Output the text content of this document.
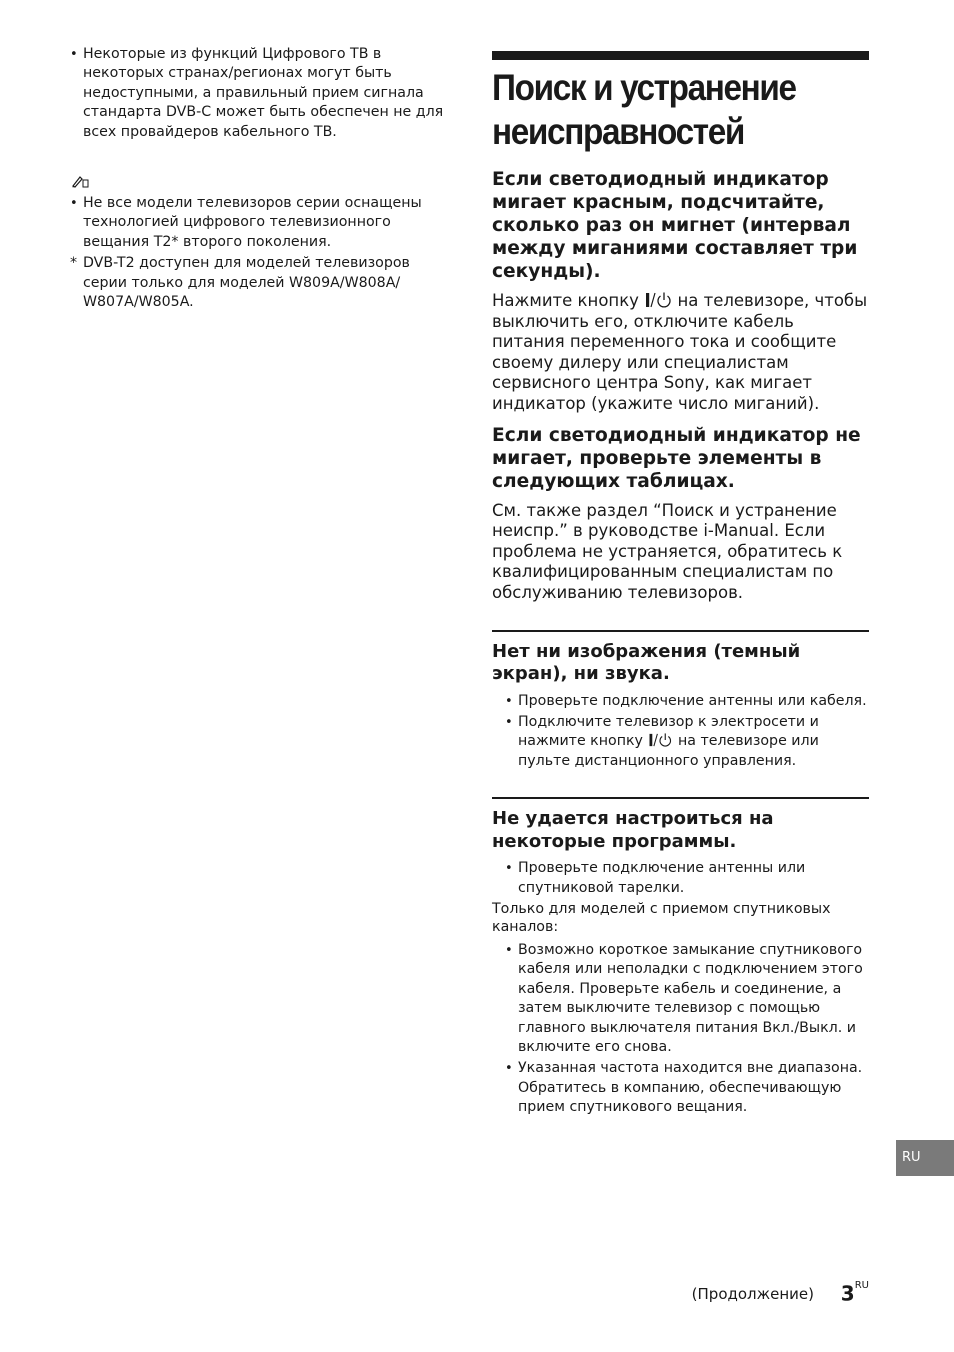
• Некоторые из функций Цифрового ТВ в некоторых странах/регионах могут быть недоступными, а правильный прием сигнала стандарта DVB-C может быть обеспечен не для всех провайдеров кабельного ТВ.
• Не все модели телевизоров серии оснащены технологией цифрового телевизионного вещания T2* второго поколения.
* DVB-T2 доступен для моделей телевизоров серии только для моделей W809A/W808A/ W807A/W805A.
Поиск и устранение неисправностей

Если светодиодный индикатор мигает красным, подсчитайте, сколько раз он мигнет (интервал между миганиями составляет три секунды).

Нажмите кнопку на телевизоре, чтобы выключить его, отключите кабель питания переменного тока и сообщите своему дилеру или специалистам сервисного центра Sony, как мигает индикатор (укажите число миганий).

Если светодиодный индикатор не мигает, проверьте элементы в следующих таблицах.

См. также раздел “Поиск и устранение неиспр.” в руководстве i-Manual. Если проблема не устраняется, обратитесь к квалифицированным специалистам по обслуживанию телевизоров.

Нет ни изображения (темный экран), ни звука.

• Проверьте подключение антенны или кабеля.
• Подключите телевизор к электросети и нажмите кнопку на телевизоре или пульте дистанционного управления.

Не удается настроиться на некоторые программы.

• Проверьте подключение антенны или спутниковой тарелки.

Только для моделей с приемом спутниковых каналов:

• Возможно короткое замыкание спутникового кабеля или неполадки с подключением этого кабеля. Проверьте кабель и соединение, а затем выключите телевизор с помощью главного выключателя питания Вкл./Выкл. и включите его снова.
• Указанная частота находится вне диапазона. Обратитесь в компанию, обеспечивающую прием спутникового вещания.
RU
(Продолжение) $3^{RU}$
